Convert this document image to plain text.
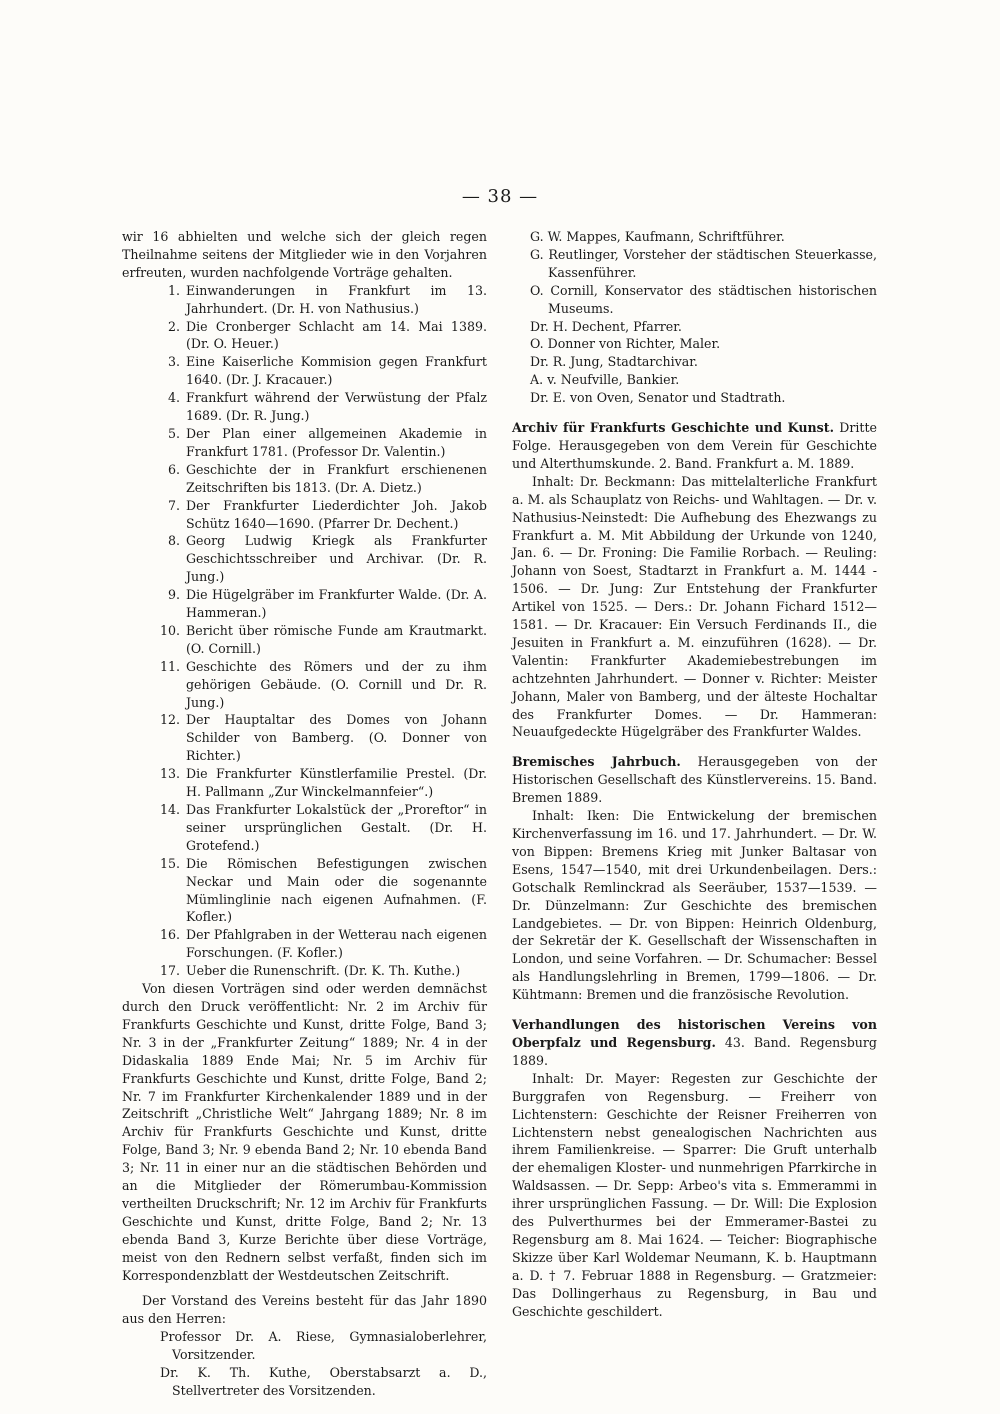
— 38 —

wir 16 abhielten und welche sich der gleich regen Theilnahme seitens der Mitglieder wie in den Vorjahren erfreuten, wurden nachfolgende Vorträge gehalten.

1. Einwanderungen in Frankfurt im 13. Jahrhundert. (Dr. H. von Nathusius.)
2. Die Cronberger Schlacht am 14. Mai 1389. (Dr. O. Heuer.)
3. Eine Kaiserliche Kommision gegen Frankfurt 1640. (Dr. J. Kracauer.)
4. Frankfurt während der Verwüstung der Pfalz 1689. (Dr. R. Jung.)
5. Der Plan einer allgemeinen Akademie in Frankfurt 1781. (Professor Dr. Valentin.)
6. Geschichte der in Frankfurt erschienenen Zeitschriften bis 1813. (Dr. A. Dietz.)
7. Der Frankfurter Liederdichter Joh. Jakob Schütz 1640—1690. (Pfarrer Dr. Dechent.)
8. Georg Ludwig Kriegk als Frankfurter Geschichtsschreiber und Archivar. (Dr. R. Jung.)
9. Die Hügelgräber im Frankfurter Walde. (Dr. A. Hammeran.)
10. Bericht über römische Funde am Krautmarkt. (O. Cornill.)
11. Geschichte des Römers und der zu ihm gehörigen Gebäude. (O. Cornill und Dr. R. Jung.)
12. Der Hauptaltar des Domes von Johann Schilder von Bamberg. (O. Donner von Richter.)
13. Die Frankfurter Künstlerfamilie Prestel. (Dr. H. Pallmann „Zur Winckelmannfeier“.)
14. Das Frankfurter Lokalstück der „Proreftor“ in seiner ursprünglichen Gestalt. (Dr. H. Grotefend.)
15. Die Römischen Befestigungen zwischen Neckar und Main oder die sogenannte Mümlinglinie nach eigenen Aufnahmen. (F. Kofler.)
16. Der Pfahlgraben in der Wetterau nach eigenen Forschungen. (F. Kofler.)
17. Ueber die Runenschrift. (Dr. K. Th. Kuthe.)

Von diesen Vorträgen sind oder werden demnächst durch den Druck veröffentlicht: Nr. 2 im Archiv für Frankfurts Geschichte und Kunst, dritte Folge, Band 3; Nr. 3 in der „Frankfurter Zeitung“ 1889; Nr. 4 in der Didaskalia 1889 Ende Mai; Nr. 5 im Archiv für Frankfurts Geschichte und Kunst, dritte Folge, Band 2; Nr. 7 im Frankfurter Kirchenkalender 1889 und in der Zeitschrift „Christliche Welt“ Jahrgang 1889; Nr. 8 im Archiv für Frankfurts Geschichte und Kunst, dritte Folge, Band 3; Nr. 9 ebenda Band 2; Nr. 10 ebenda Band 3; Nr. 11 in einer nur an die städtischen Behörden und an die Mitglieder der Römerumbau-Kommission vertheilten Druckschrift; Nr. 12 im Archiv für Frankfurts Geschichte und Kunst, dritte Folge, Band 2; Nr. 13 ebenda Band 3, Kurze Berichte über diese Vorträge, meist von den Rednern selbst verfaßt, finden sich im Korrespondenzblatt der Westdeutschen Zeitschrift.

Der Vorstand des Vereins besteht für das Jahr 1890 aus den Herren:

Professor Dr. A. Riese, Gymnasialoberlehrer, Vorsitzender.

Dr. K. Th. Kuthe, Oberstabsarzt a. D., Stellvertreter des Vorsitzenden.

G. W. Mappes, Kaufmann, Schriftführer.
G. Reutlinger, Vorsteher der städtischen Steuerkasse, Kassenführer.
O. Cornill, Konservator des städtischen historischen Museums.
Dr. H. Dechent, Pfarrer.
O. Donner von Richter, Maler.
Dr. R. Jung, Stadtarchivar.
A. v. Neufville, Bankier.
Dr. E. von Oven, Senator und Stadtrath.

Archiv für Frankfurts Geschichte und Kunst. Dritte Folge. Herausgegeben von dem Verein für Geschichte und Alterthumskunde. 2. Band. Frankfurt a. M. 1889.

Inhalt: Dr. Beckmann: Das mittelalterliche Frankfurt a. M. als Schauplatz von Reichs- und Wahltagen. — Dr. v. Nathusius-Neinstedt: Die Aufhebung des Ehezwangs zu Frankfurt a. M. Mit Abbildung der Urkunde von 1240, Jan. 6. — Dr. Froning: Die Familie Rorbach. — Reuling: Johann von Soest, Stadtarzt in Frankfurt a. M. 1444 - 1506. — Dr. Jung: Zur Entstehung der Frankfurter Artikel von 1525. — Ders.: Dr. Johann Fichard 1512—1581. — Dr. Kracauer: Ein Versuch Ferdinands II., die Jesuiten in Frankfurt a. M. einzuführen (1628). — Dr. Valentin: Frankfurter Akademiebestrebungen im achtzehnten Jahrhundert. — Donner v. Richter: Meister Johann, Maler von Bamberg, und der älteste Hochaltar des Frankfurter Domes. — Dr. Hammeran: Neuaufgedeckte Hügelgräber des Frankfurter Waldes.

Bremisches Jahrbuch. Herausgegeben von der Historischen Gesellschaft des Künstlervereins. 15. Band. Bremen 1889.

Inhalt: Iken: Die Entwickelung der bremischen Kirchenverfassung im 16. und 17. Jahrhundert. — Dr. W. von Bippen: Bremens Krieg mit Junker Baltasar von Esens, 1547—1540, mit drei Urkundenbeilagen. Ders.: Gotschalk Remlinckrad als Seeräuber, 1537—1539. — Dr. Dünzelmann: Zur Geschichte des bremischen Landgebietes. — Dr. von Bippen: Heinrich Oldenburg, der Sekretär der K. Gesellschaft der Wissenschaften in London, und seine Vorfahren. — Dr. Schumacher: Bessel als Handlungslehrling in Bremen, 1799—1806. — Dr. Kühtmann: Bremen und die französische Revolution.

Verhandlungen des historischen Vereins von Oberpfalz und Regensburg. 43. Band. Regensburg 1889.

Inhalt: Dr. Mayer: Regesten zur Geschichte der Burggrafen von Regensburg. — Freiherr von Lichtenstern: Geschichte der Reisner Freiherren von Lichtenstern nebst genealogischen Nachrichten aus ihrem Familienkreise. — Sparrer: Die Gruft unterhalb der ehemaligen Kloster- und nunmehrigen Pfarrkirche in Waldsassen. — Dr. Sepp: Arbeo's vita s. Emmerammi in ihrer ursprünglichen Fassung. — Dr. Will: Die Explosion des Pulverthurmes bei der Emmeramer-Bastei zu Regensburg am 8. Mai 1624. — Teicher: Biographische Skizze über Karl Woldemar Neumann, K. b. Hauptmann a. D. † 7. Februar 1888 in Regensburg. — Gratzmeier: Das Dollingerhaus zu Regensburg, in Bau und Geschichte geschildert.
